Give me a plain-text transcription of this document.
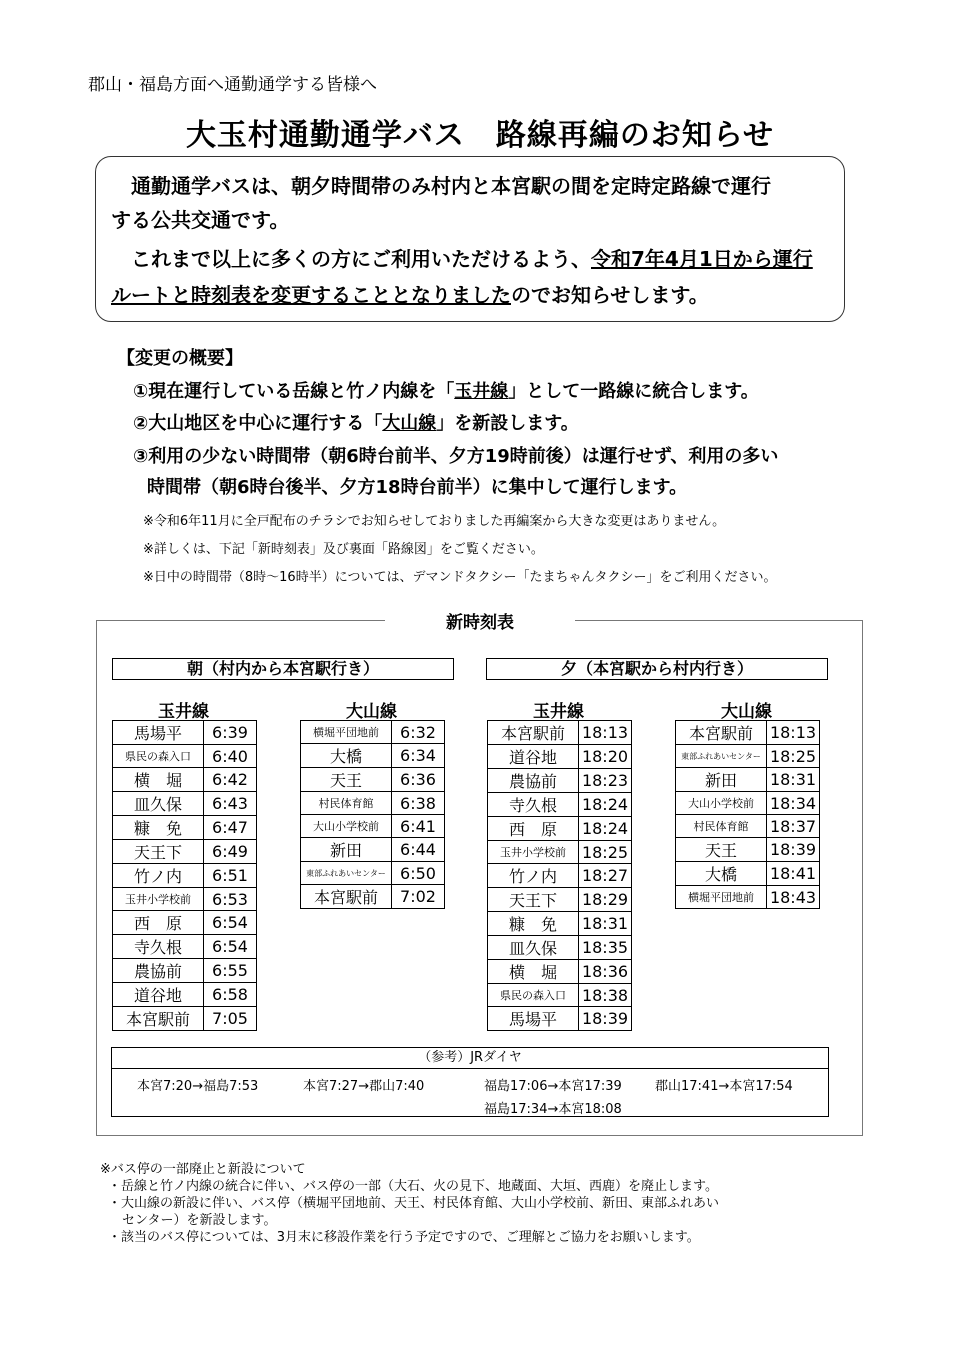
郡山・福島方面へ通勤通学する皆様へ
大玉村通勤通学バス　路線再編のお知らせ
　通勤通学バスは、朝夕時間帯のみ村内と本宮駅の間を定時定路線で運行
する公共交通です。
　これまで以上に多くの方にご利用いただけるよう、令和7年4月1日から運行
ルートと時刻表を変更することとなりましたのでお知らせします。
【変更の概要】
①現在運行している岳線と竹ノ内線を「玉井線」として一路線に統合します。
②大山地区を中心に運行する「大山線」を新設します。
③利用の少ない時間帯（朝6時台前半、夕方19時前後）は運行せず、利用の多い
時間帯（朝6時台後半、夕方18時台前半）に集中して運行します。
※令和6年11月に全戸配布のチラシでお知らせしておりました再編案から大きな変更はありません。
※詳しくは、下記「新時刻表」及び裏面「路線図」をご覧ください。
※日中の時間帯（8時～16時半）については、デマンドタクシー「たまちゃんタクシー」をご利用ください。
新時刻表
朝（村内から本宮駅行き）	夕（本宮駅から村内行き）
玉井線	大山線	玉井線	大山線
馬場平	6:39
県民の森入口	6:40
横　堀	6:42
皿久保	6:43
糠　免	6:47
天王下	6:49
竹ノ内	6:51
玉井小学校前	6:53
西　原	6:54
寺久根	6:54
農協前	6:55
道谷地	6:58
本宮駅前	7:05
横堀平団地前	6:32
大橋	6:34
天王	6:36
村民体育館	6:38
大山小学校前	6:41
新田	6:44
東部ふれあいセンター	6:50
本宮駅前	7:02
本宮駅前	18:13
道谷地	18:20
農協前	18:23
寺久根	18:24
西　原	18:24
玉井小学校前	18:25
竹ノ内	18:27
天王下	18:29
糠　免	18:31
皿久保	18:35
横　堀	18:36
県民の森入口	18:38
馬場平	18:39
本宮駅前	18:13
東部ふれあいセンター	18:25
新田	18:31
大山小学校前	18:34
村民体育館	18:37
天王	18:39
大橋	18:41
横堀平団地前	18:43
（参考）JRダイヤ
本宮7:20→福島7:53	本宮7:27→郡山7:40	福島17:06→本宮17:39	郡山17:41→本宮17:54
福島17:34→本宮18:08
※バス停の一部廃止と新設について
・岳線と竹ノ内線の統合に伴い、バス停の一部（大石、火の見下、地蔵面、大垣、西鹿）を廃止します。
・大山線の新設に伴い、バス停（横堀平団地前、天王、村民体育館、大山小学校前、新田、東部ふれあい
センター）を新設します。
・該当のバス停については、3月末に移設作業を行う予定ですので、ご理解とご協力をお願いします。
